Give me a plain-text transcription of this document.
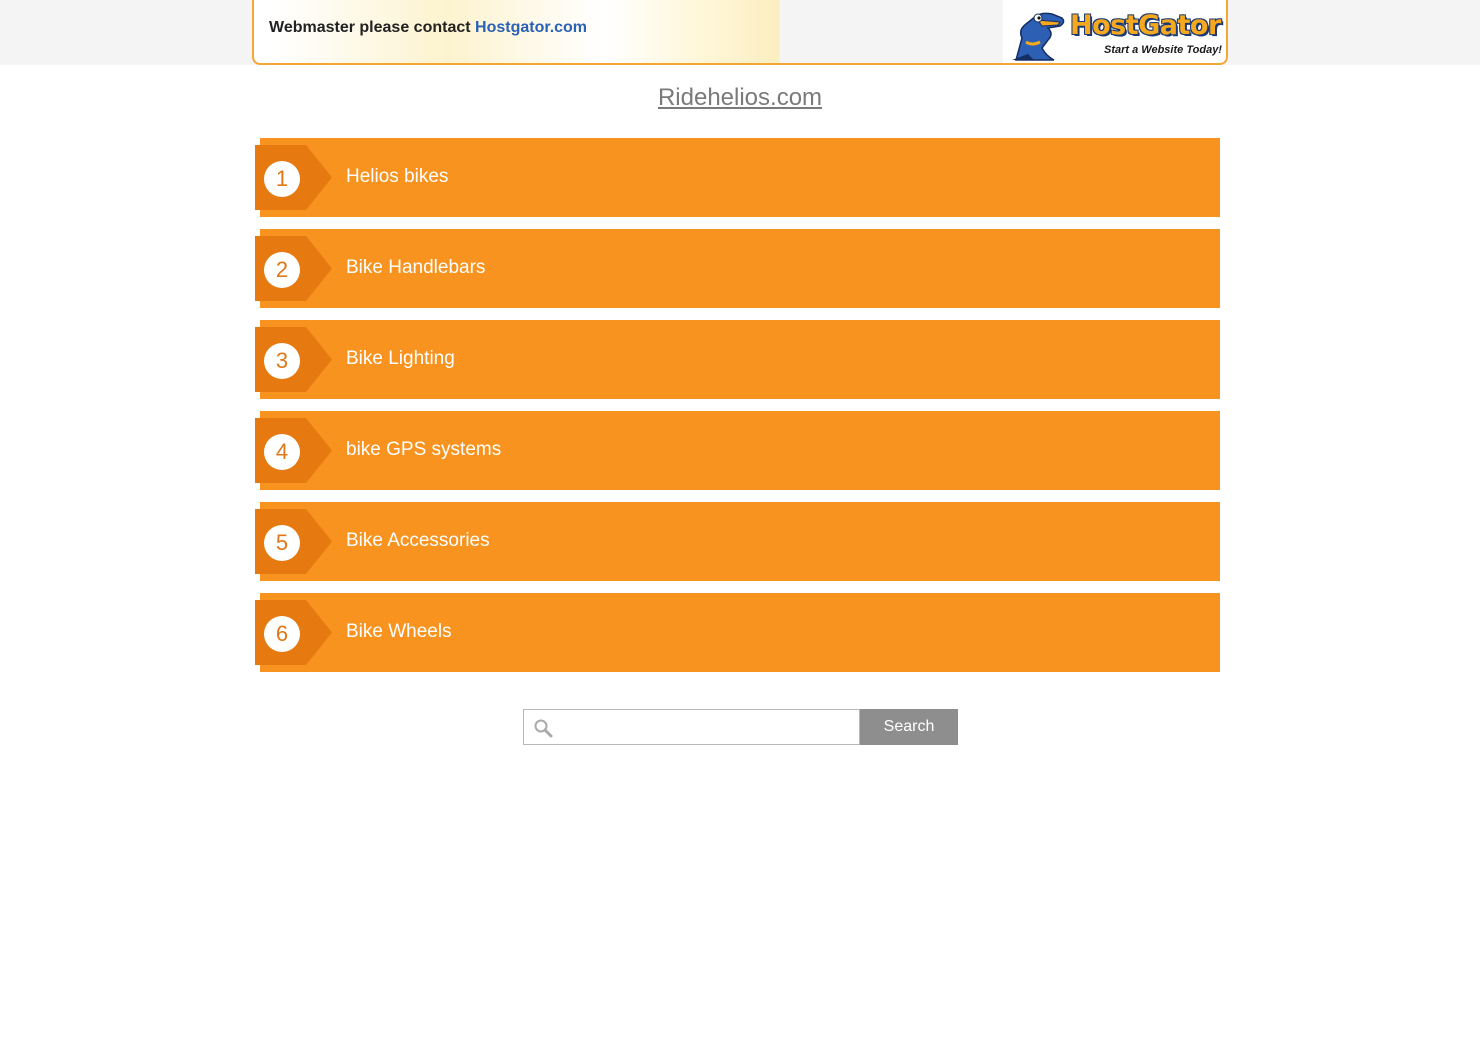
Webmaster please contact Hostgator.com	HostGator
Start a Website Today!
Ridehelios.com
1	Helios bikes
2	Bike Handlebars
3	Bike Lighting
4	bike GPS systems
5	Bike Accessories
6	Bike Wheels
Search
